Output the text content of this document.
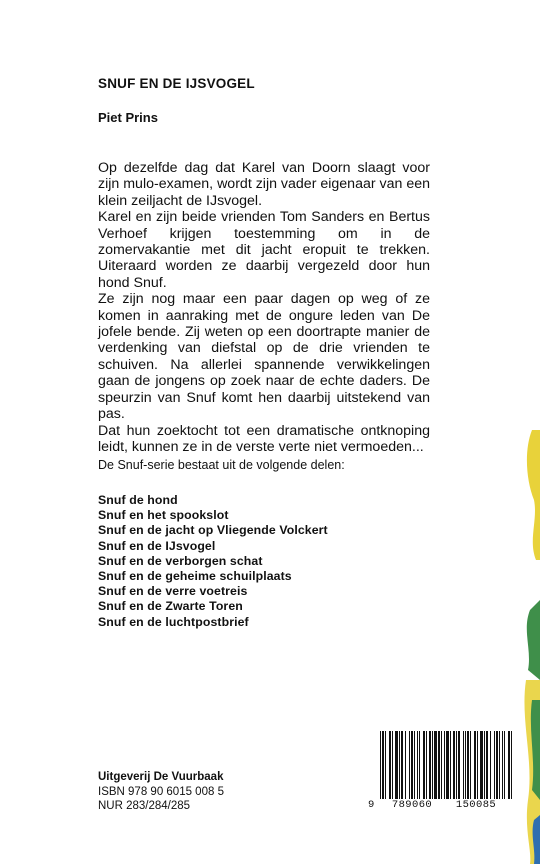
SNUF EN DE IJSVOGEL
Piet Prins

Op dezelfde dag dat Karel van Doorn slaagt voor zijn mulo-examen, wordt zijn vader eigenaar van een klein zeiljacht de IJsvogel.

Karel en zijn beide vrienden Tom Sanders en Bertus Verhoef krijgen toestemming om in de zomervakantie met dit jacht eropuit te trekken. Uiteraard worden ze daarbij vergezeld door hun hond Snuf.

Ze zijn nog maar een paar dagen op weg of ze komen in aanraking met de ongure leden van De jofele bende. Zij weten op een doortrapte manier de verdenking van diefstal op de drie vrienden te schuiven. Na allerlei spannende verwikkelingen gaan de jongens op zoek naar de echte daders. De speurzin van Snuf komt hen daarbij uitstekend van pas.

Dat hun zoektocht tot een dramatische ontknoping leidt, kunnen ze in de verste verte niet vermoeden...

De Snuf-serie bestaat uit de volgende delen:
Snuf de hond
Snuf en het spookslot
Snuf en de jacht op Vliegende Volckert
Snuf en de IJsvogel
Snuf en de verborgen schat
Snuf en de geheime schuilplaats
Snuf en de verre voetreis
Snuf en de Zwarte Toren
Snuf en de luchtpostbrief
Uitgeverij De Vuurbaak
ISBN 978 90 6015 008 5
NUR 283/284/285	9	789060	150085
